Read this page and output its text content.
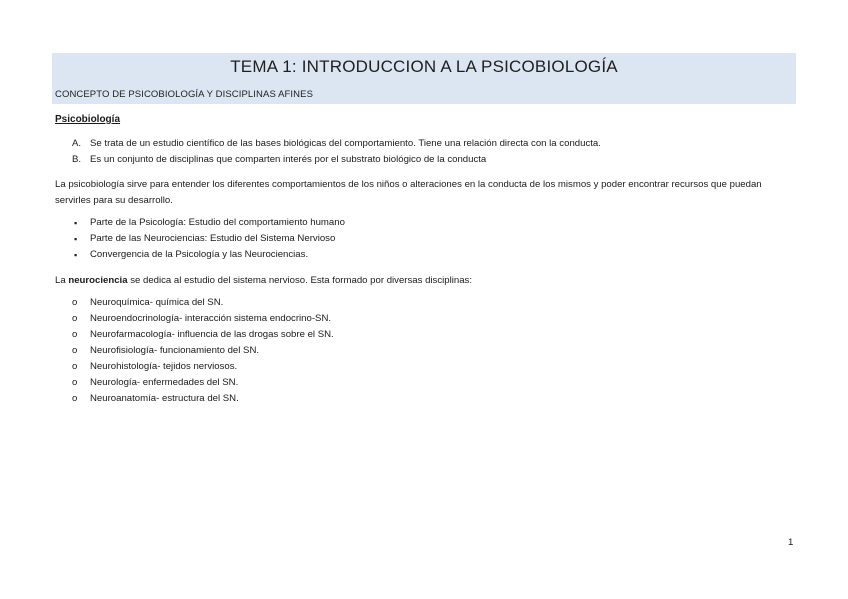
TEMA 1: INTRODUCCION A LA PSICOBIOLOGÍA
CONCEPTO DE PSICOBIOLOGÍA Y DISCIPLINAS AFINES
Psicobiología
A. Se trata de un estudio científico de las bases biológicas del comportamiento. Tiene una relación directa con la conducta.
B. Es un conjunto de disciplinas que comparten interés por el substrato biológico de la conducta
La psicobiología sirve para entender los diferentes comportamientos de los niños o alteraciones en la conducta de los mismos y poder encontrar recursos que puedan servirles para su desarrollo.
▪ Parte de la Psicología: Estudio del comportamiento humano
▪ Parte de las Neurociencias: Estudio del Sistema Nervioso
▪ Convergencia de la Psicología y las Neurociencias.
La neurociencia se dedica al estudio del sistema nervioso. Esta formado por diversas disciplinas:
o Neuroquímica- química del SN.
o Neuroendocrinología- interacción sistema endocrino-SN.
o Neurofarmacología- influencia de las drogas sobre el SN.
o Neurofisiología- funcionamiento del SN.
o Neurohistología- tejidos nerviosos.
o Neurología- enfermedades del SN.
o Neuroanatomía- estructura del SN.
1
